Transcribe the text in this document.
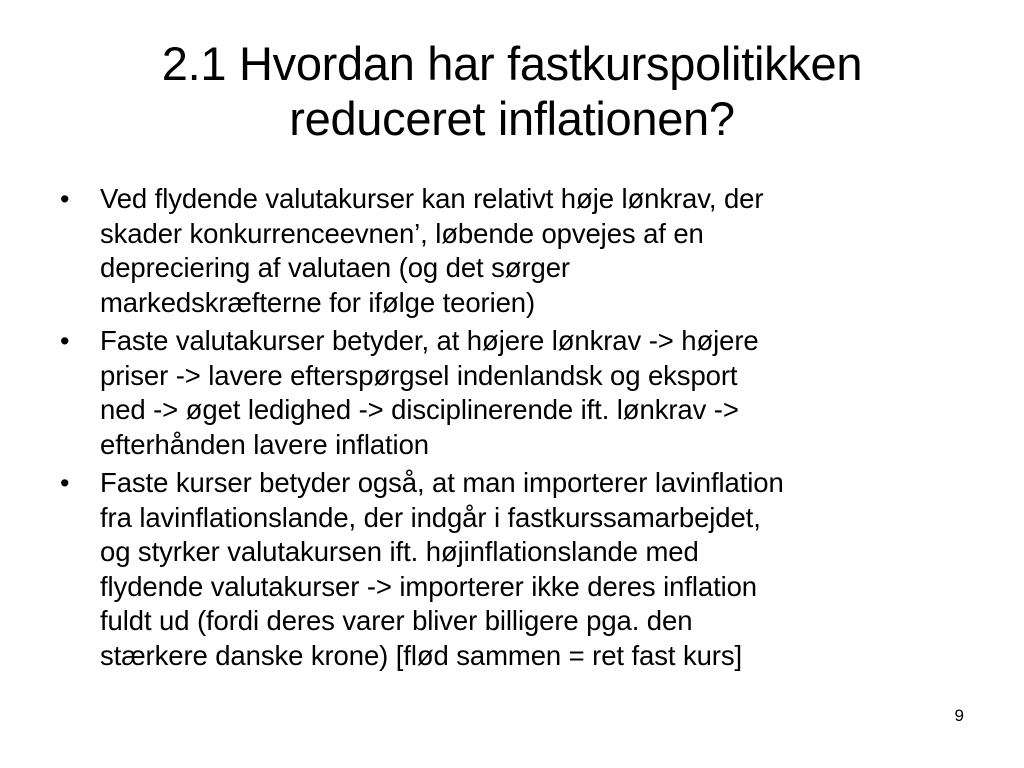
2.1 Hvordan har fastkurspolitikken
reduceret inflationen?
• Ved flydende valutakurser kan relativt høje lønkrav, der
skader konkurrenceevnen’, løbende opvejes af en
depreciering af valutaen (og det sørger
markedskræfterne for ifølge teorien)
• Faste valutakurser betyder, at højere lønkrav -> højere
priser -> lavere efterspørgsel indenlandsk og eksport
ned -> øget ledighed -> disciplinerende ift. lønkrav ->
efterhånden lavere inflation
• Faste kurser betyder også, at man importerer lavinflation
fra lavinflationslande, der indgår i fastkurssamarbejdet,
og styrker valutakursen ift. højinflationslande med
flydende valutakurser -> importerer ikke deres inflation
fuldt ud (fordi deres varer bliver billigere pga. den
stærkere danske krone) [flød sammen = ret fast kurs]
9
